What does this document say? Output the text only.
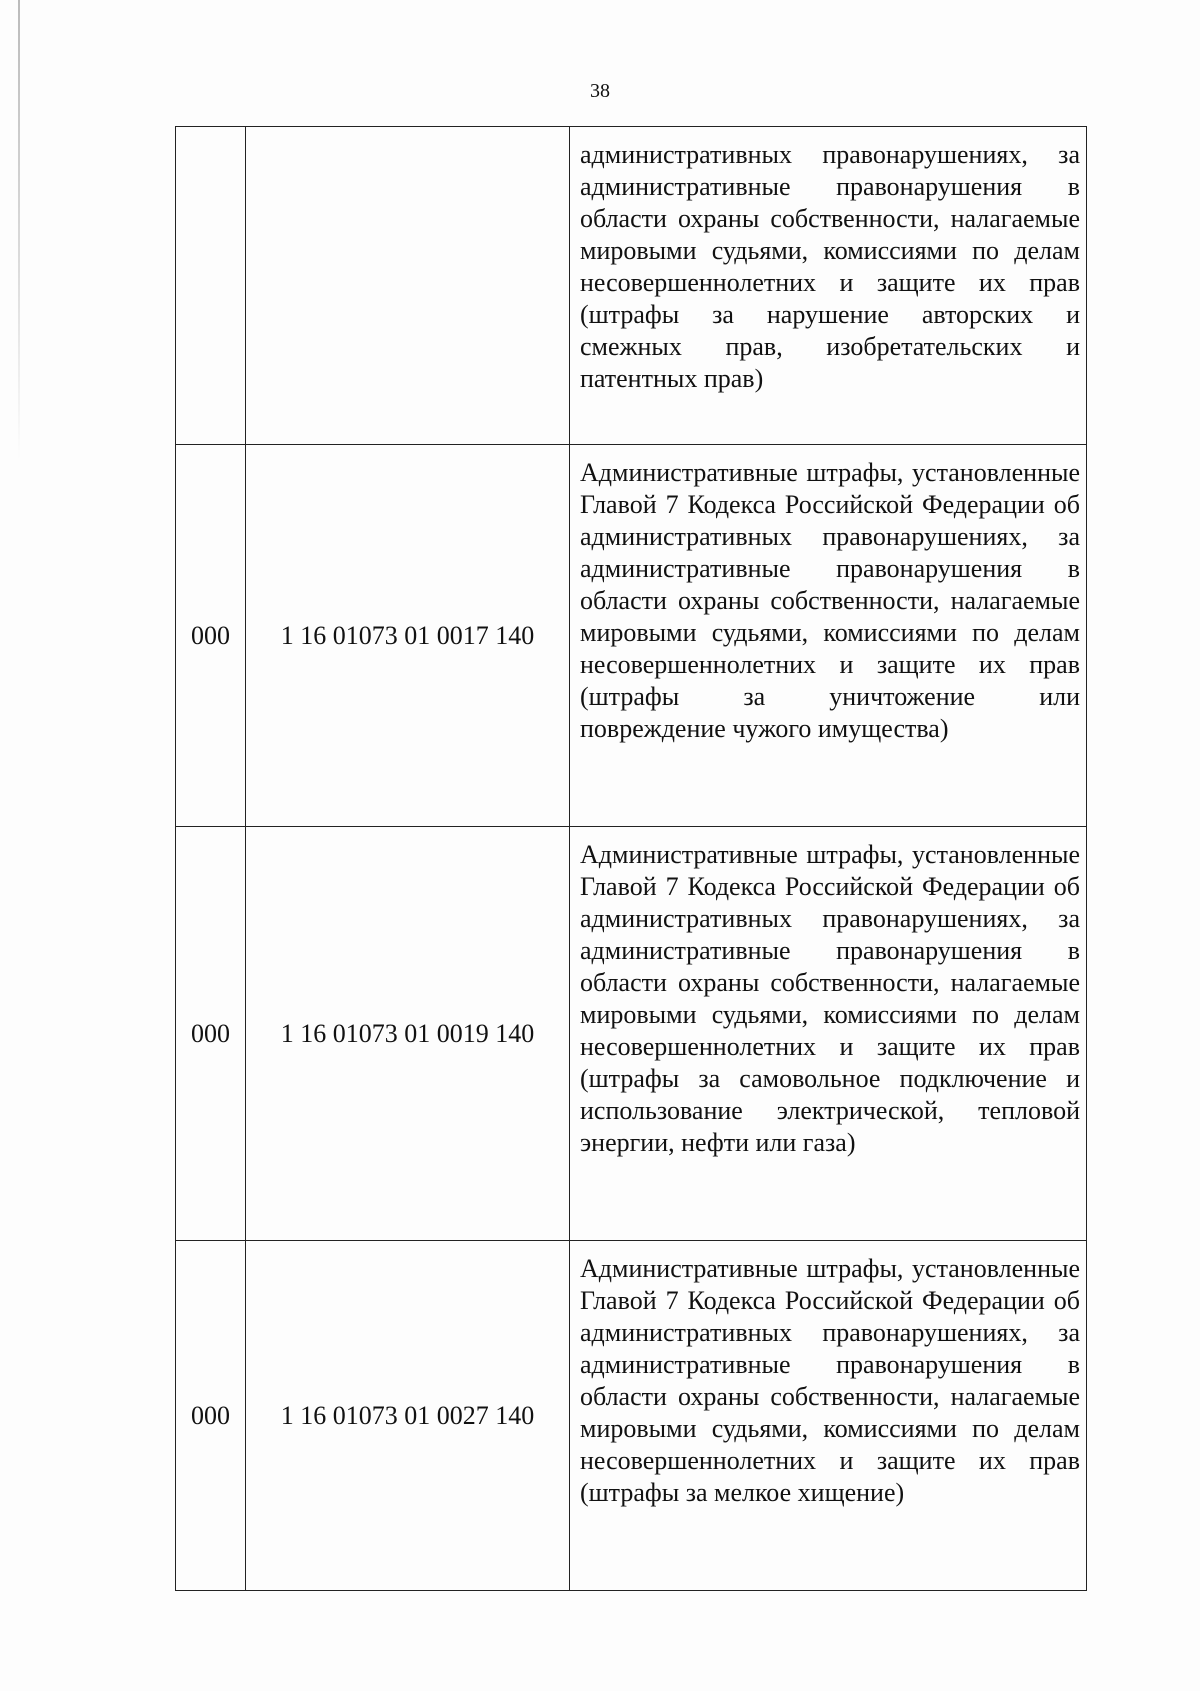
38

		административных правонарушениях, за административные правонарушения в области охраны собственности, налагаемые мировыми судьями, комиссиями по делам несовершеннолетних и защите их прав (штрафы за нарушение авторских и смежных прав, изобретательских и
патентных прав)

000	1 16 01073 01 0017 140	Административные штрафы, установленные Главой 7 Кодекса Российской Федерации об административных правонарушениях, за административные правонарушения в области охраны собственности, налагаемые мировыми судьями, комиссиями по делам несовершеннолетних и защите их прав (штрафы за уничтожение или
повреждение чужого имущества)

000	1 16 01073 01 0019 140	Административные штрафы, установленные Главой 7 Кодекса Российской Федерации об административных правонарушениях, за административные правонарушения в области охраны собственности, налагаемые мировыми судьями, комиссиями по делам несовершеннолетних и защите их прав (штрафы за самовольное подключение и использование электрической, тепловой
энергии, нефти или газа)

000	1 16 01073 01 0027 140	Административные штрафы, установленные Главой 7 Кодекса Российской Федерации об административных правонарушениях, за административные правонарушения в области охраны собственности, налагаемые мировыми судьями, комиссиями по делам несовершеннолетних и защите их прав
(штрафы за мелкое хищение)
